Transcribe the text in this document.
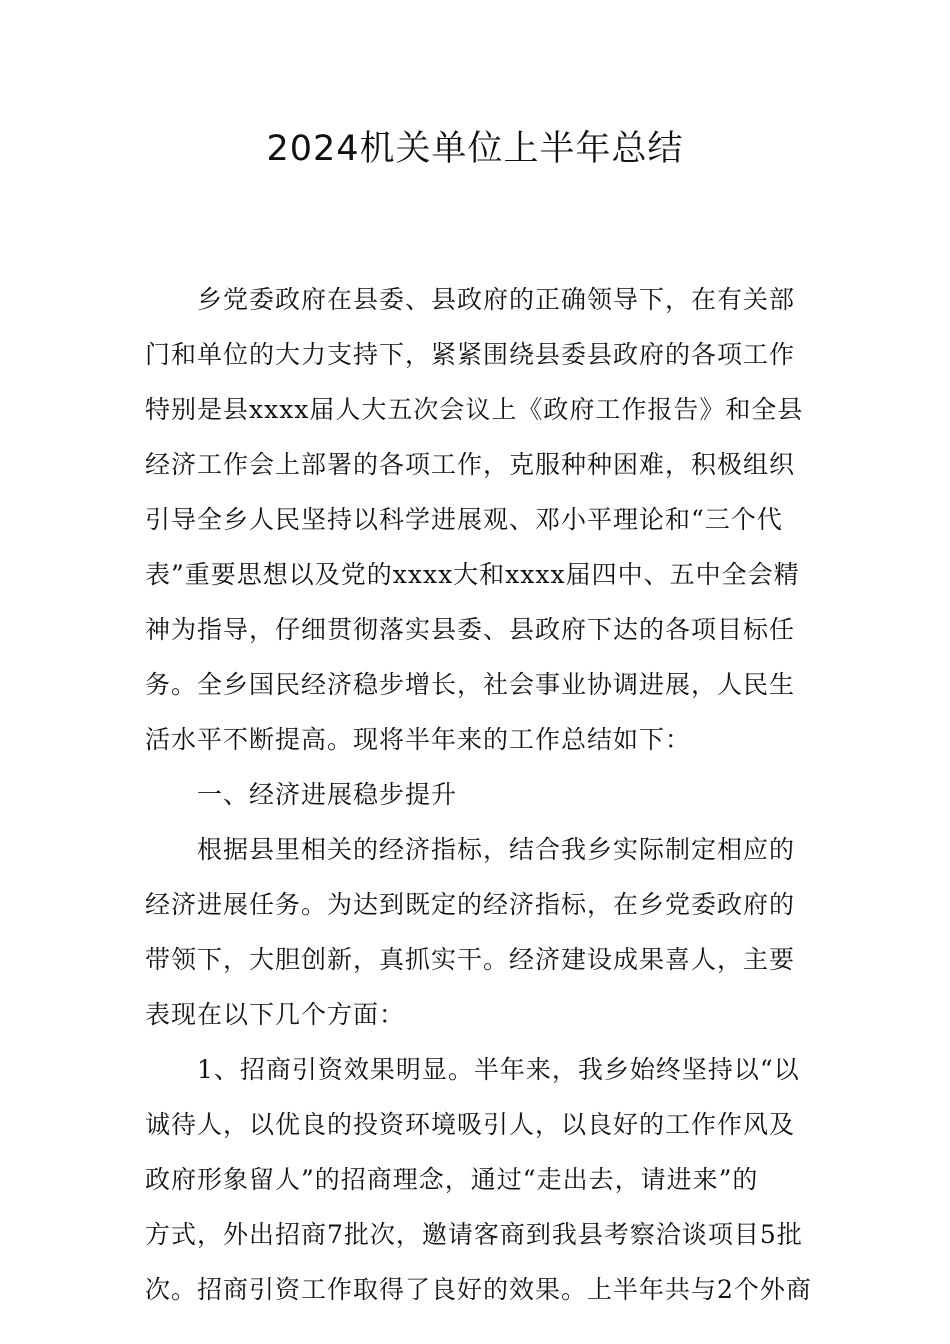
2024机关单位上半年总结
乡党委政府在县委、县政府的正确领导下，在有关部
门和单位的大力支持下，紧紧围绕县委县政府的各项工作
特别是县xxxx届人大五次会议上《政府工作报告》和全县
经济工作会上部署的各项工作，克服种种困难，积极组织
引导全乡人民坚持以科学进展观、邓小平理论和“三个代
表”重要思想以及党的xxxx大和xxxx届四中、五中全会精
神为指导，仔细贯彻落实县委、县政府下达的各项目标任
务。全乡国民经济稳步增长，社会事业协调进展，人民生
活水平不断提高。现将半年来的工作总结如下：
一、经济进展稳步提升
根据县里相关的经济指标，结合我乡实际制定相应的
经济进展任务。为达到既定的经济指标，在乡党委政府的
带领下，大胆创新，真抓实干。经济建设成果喜人，主要
表现在以下几个方面：
1、招商引资效果明显。半年来，我乡始终坚持以“以
诚待人，以优良的投资环境吸引人，以良好的工作作风及
政府形象留人”的招商理念，通过“走出去，请进来”的
方式，外出招商7批次，邀请客商到我县考察洽谈项目5批
次。招商引资工作取得了良好的效果。上半年共与2个外商
